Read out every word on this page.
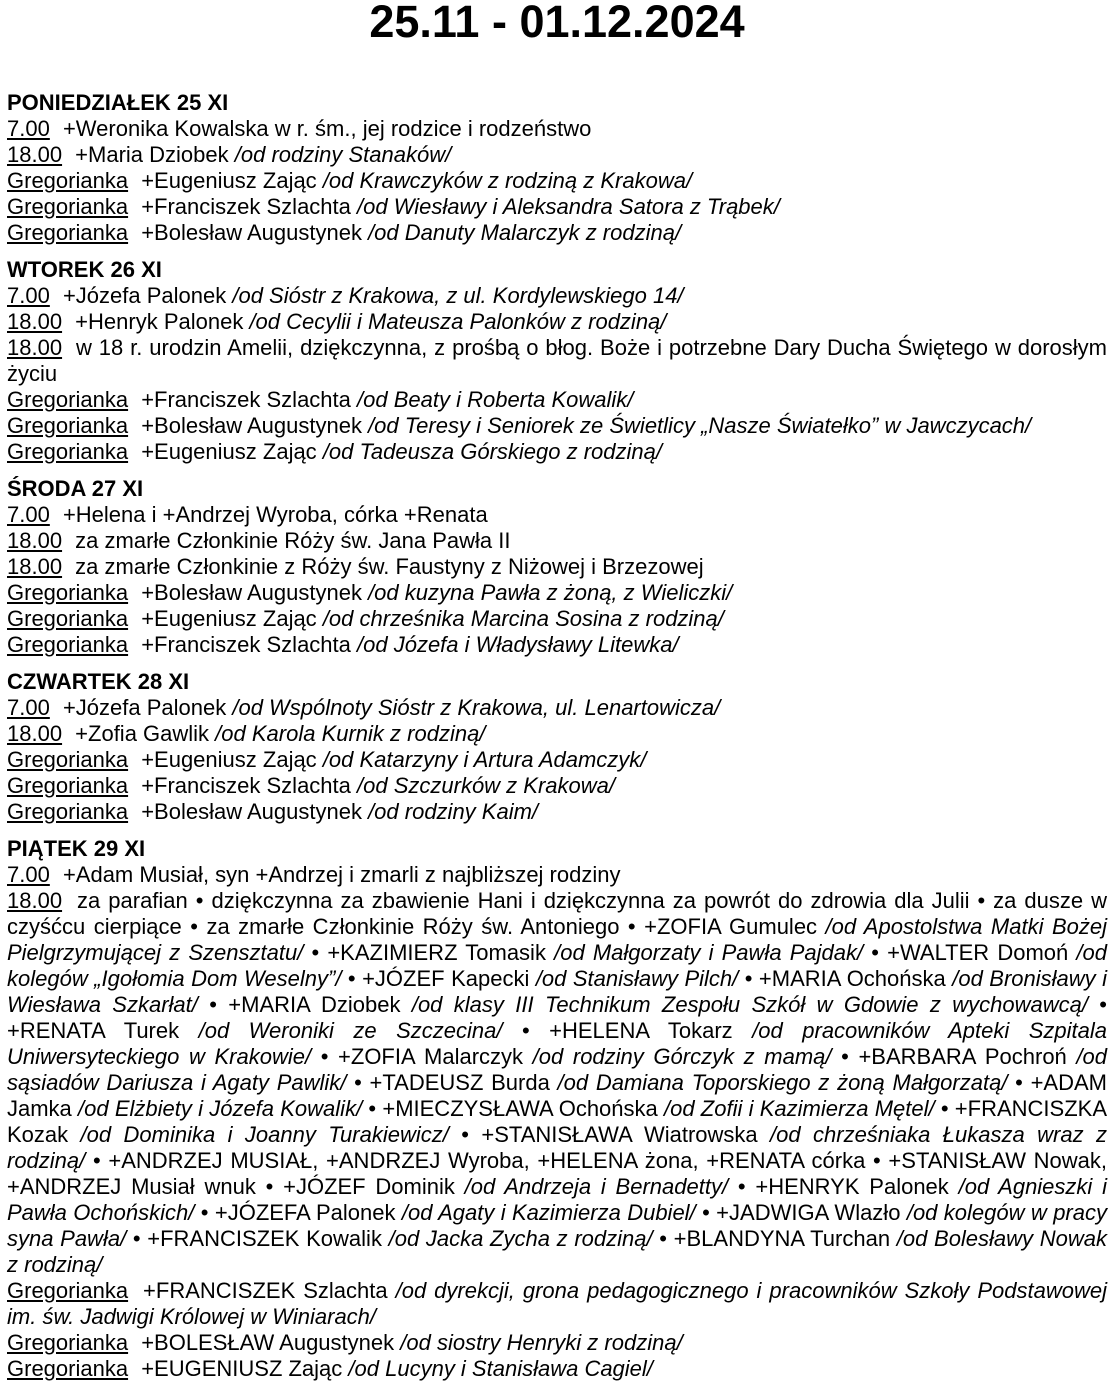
25.11 - 01.12.2024
PONIEDZIAŁEK 25 XI

7.00 +Weronika Kowalska w r. śm., jej rodzice i rodzeństwo

18.00 +Maria Dziobek /od rodziny Stanaków/

Gregorianka +Eugeniusz Zając /od Krawczyków z rodziną z Krakowa/

Gregorianka +Franciszek Szlachta /od Wiesławy i Aleksandra Satora z Trąbek/

Gregorianka +Bolesław Augustynek /od Danuty Malarczyk z rodziną/

WTOREK 26 XI

7.00 +Józefa Palonek /od Sióstr z Krakowa, z ul. Kordylewskiego 14/

18.00 +Henryk Palonek /od Cecylii i Mateusza Palonków z rodziną/

18.00 w 18 r. urodzin Amelii, dziękczynna, z prośbą o błog. Boże i potrzebne Dary Ducha Świętego w dorosłym życiu

Gregorianka +Franciszek Szlachta /od Beaty i Roberta Kowalik/

Gregorianka +Bolesław Augustynek /od Teresy i Seniorek ze Świetlicy „Nasze Światełko” w Jawczycach/

Gregorianka +Eugeniusz Zając /od Tadeusza Górskiego z rodziną/

ŚRODA 27 XI

7.00 +Helena i +Andrzej Wyroba, córka +Renata

18.00 za zmarłe Członkinie Róży św. Jana Pawła II

18.00 za zmarłe Członkinie z Róży św. Faustyny z Niżowej i Brzezowej

Gregorianka +Bolesław Augustynek /od kuzyna Pawła z żoną, z Wieliczki/

Gregorianka +Eugeniusz Zając /od chrześnika Marcina Sosina z rodziną/

Gregorianka +Franciszek Szlachta /od Józefa i Władysławy Litewka/

CZWARTEK 28 XI

7.00 +Józefa Palonek /od Wspólnoty Sióstr z Krakowa, ul. Lenartowicza/

18.00 +Zofia Gawlik /od Karola Kurnik z rodziną/

Gregorianka +Eugeniusz Zając /od Katarzyny i Artura Adamczyk/

Gregorianka +Franciszek Szlachta /od Szczurków z Krakowa/

Gregorianka +Bolesław Augustynek /od rodziny Kaim/

PIĄTEK 29 XI

7.00 +Adam Musiał, syn +Andrzej i zmarli z najbliższej rodziny

18.00 za parafian • dziękczynna za zbawienie Hani i dziękczynna za powrót do zdrowia dla Julii • za dusze w czyśćcu cierpiące • za zmarłe Członkinie Róży św. Antoniego • +ZOFIA Gumulec /od Apostolstwa Matki Bożej Pielgrzymującej z Szensztatu/ • +KAZIMIERZ Tomasik /od Małgorzaty i Pawła Pajdak/ • +WALTER Domoń /od kolegów „Igołomia Dom Weselny”/ • +JÓZEF Kapecki /od Stanisławy Pilch/ • +MARIA Ochońska /od Bronisławy i Wiesława Szkarłat/ • +MARIA Dziobek /od klasy III Technikum Zespołu Szkół w Gdowie z wychowawcą/ • +RENATA Turek /od Weroniki ze Szczecina/ • +HELENA Tokarz /od pracowników Apteki Szpitala Uniwersyteckiego w Krakowie/ • +ZOFIA Malarczyk /od rodziny Górczyk z mamą/ • +BARBARA Pochroń /od sąsiadów Dariusza i Agaty Pawlik/ • +TADEUSZ Burda /od Damiana Toporskiego z żoną Małgorzatą/ • +ADAM Jamka /od Elżbiety i Józefa Kowalik/ • +MIECZYSŁAWA Ochońska /od Zofii i Kazimierza Mętel/ • +FRANCISZKA Kozak /od Dominika i Joanny Turakiewicz/ • +STANISŁAWA Wiatrowska /od chrześniaka Łukasza wraz z rodziną/ • +ANDRZEJ MUSIAŁ, +ANDRZEJ Wyroba, +HELENA żona, +RENATA córka • +STANISŁAW Nowak, +ANDRZEJ Musiał wnuk • +JÓZEF Dominik /od Andrzeja i Bernadetty/ • +HENRYK Palonek /od Agnieszki i Pawła Ochońskich/ • +JÓZEFA Palonek /od Agaty i Kazimierza Dubiel/ • +JADWIGA Wlazło /od kolegów w pracy syna Pawła/ • +FRANCISZEK Kowalik /od Jacka Zycha z rodziną/ • +BLANDYNA Turchan /od Bolesławy Nowak z rodziną/

Gregorianka +FRANCISZEK Szlachta /od dyrekcji, grona pedagogicznego i pracowników Szkoły Podstawowej im. św. Jadwigi Królowej w Winiarach/

Gregorianka +BOLESŁAW Augustynek /od siostry Henryki z rodziną/

Gregorianka +EUGENIUSZ Zając /od Lucyny i Stanisława Cagiel/
